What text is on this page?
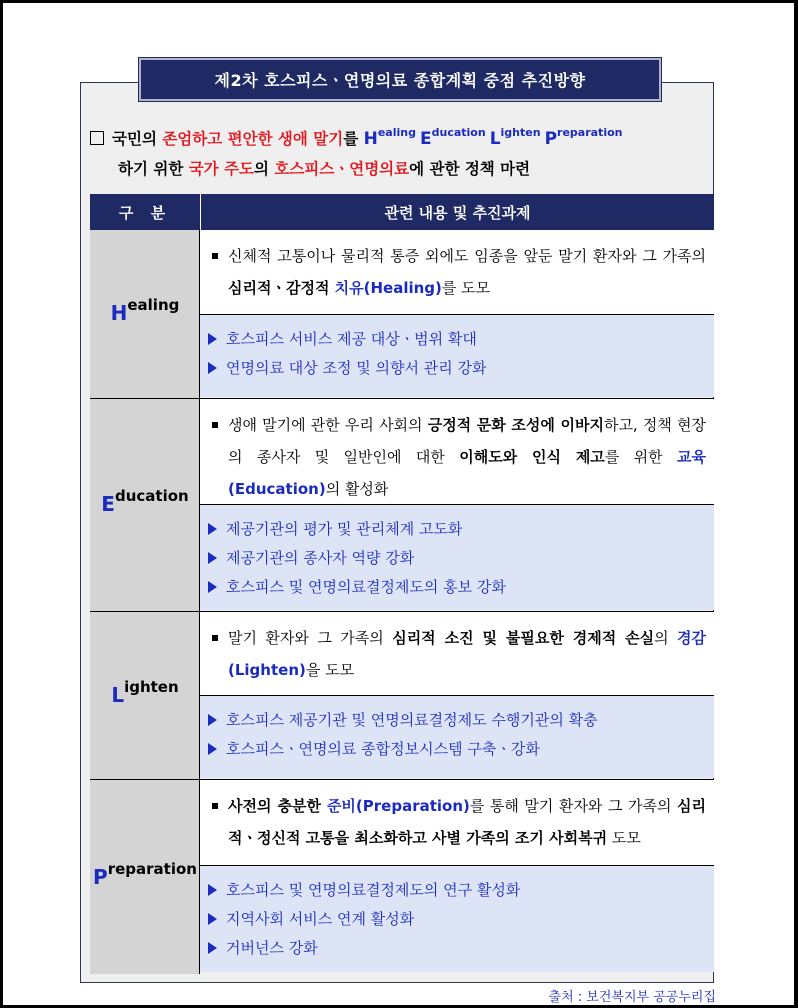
제2차 호스피스ㆍ연명의료 종합계획 중점 추진방향
국민의 존엄하고 편안한 생애 말기를 $H^{ealing}$ $E^{ducation}$ $L^{ighten}$ $P^{reparation}$
하기 위한 국가 주도의 호스피스ㆍ연명의료에 관한 정책 마련
구 분	관련 내용 및 추진과제
Healing
신체적 고통이나 물리적 통증 외에도 임종을 앞둔 말기 환자와 그 가족의 심리적ㆍ감정적 치유(Healing)를 도모
호스피스 서비스 제공 대상ㆍ범위 확대
연명의료 대상 조정 및 의향서 관리 강화
Education
생애 말기에 관한 우리 사회의 긍정적 문화 조성에 이바지하고, 정책 현장의 종사자 및 일반인에 대한 이해도와 인식 제고를 위한 교육(Education)의 활성화
제공기관의 평가 및 관리체계 고도화
제공기관의 종사자 역량 강화
호스피스 및 연명의료결정제도의 홍보 강화
Lighten
말기 환자와 그 가족의 심리적 소진 및 불필요한 경제적 손실의 경감(Lighten)을 도모
호스피스 제공기관 및 연명의료결정제도 수행기관의 확충
호스피스ㆍ연명의료 종합정보시스템 구축ㆍ강화
Preparation
사전의 충분한 준비(Preparation)를 통해 말기 환자와 그 가족의 심리적ㆍ정신적 고통을 최소화하고 사별 가족의 조기 사회복귀 도모
호스피스 및 연명의료결정제도의 연구 활성화
지역사회 서비스 연계 활성화
거버넌스 강화
출처 : 보건복지부 공공누리집
